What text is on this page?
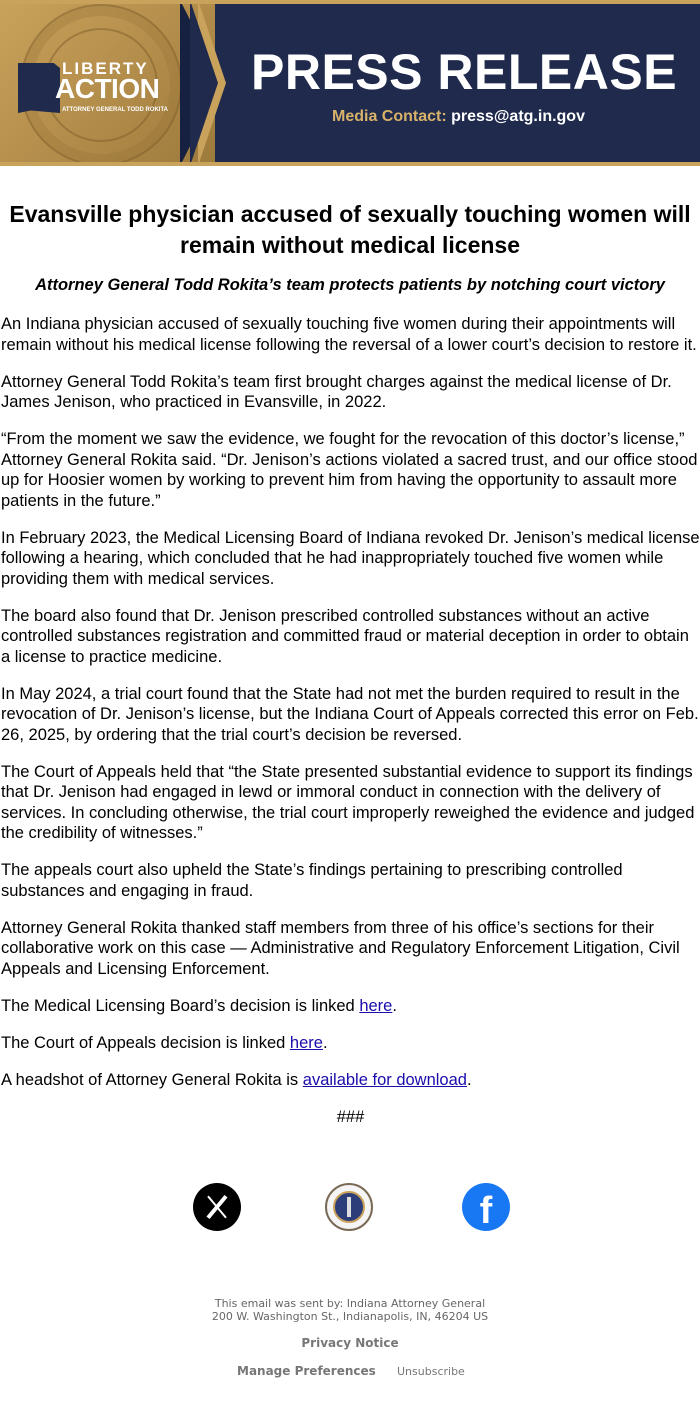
LIBERTY
INACTION
ATTORNEY GENERAL TODD ROKITA
PRESS RELEASE
Media Contact: press@atg.in.gov
Evansville physician accused of sexually touching women will remain without medical license
Attorney General Todd Rokita’s team protects patients by notching court victory

An Indiana physician accused of sexually touching five women during their appointments will remain without his medical license following the reversal of a lower court’s decision to restore it.

Attorney General Todd Rokita’s team first brought charges against the medical license of Dr. James Jenison, who practiced in Evansville, in 2022.

“From the moment we saw the evidence, we fought for the revocation of this doctor’s license,” Attorney General Rokita said. “Dr. Jenison’s actions violated a sacred trust, and our office stood up for Hoosier women by working to prevent him from having the opportunity to assault more patients in the future.”

In February 2023, the Medical Licensing Board of Indiana revoked Dr. Jenison’s medical license following a hearing, which concluded that he had inappropriately touched five women while providing them with medical services.

The board also found that Dr. Jenison prescribed controlled substances without an active controlled substances registration and committed fraud or material deception in order to obtain a license to practice medicine.

In May 2024, a trial court found that the State had not met the burden required to result in the revocation of Dr. Jenison’s license, but the Indiana Court of Appeals corrected this error on Feb. 26, 2025, by ordering that the trial court’s decision be reversed.

The Court of Appeals held that “the State presented substantial evidence to support its findings that Dr. Jenison had engaged in lewd or immoral conduct in connection with the delivery of services. In concluding otherwise, the trial court improperly reweighed the evidence and judged the credibility of witnesses.”

The appeals court also upheld the State’s findings pertaining to prescribing controlled substances and engaging in fraud.

Attorney General Rokita thanked staff members from three of his office’s sections for their collaborative work on this case — Administrative and Regulatory Enforcement Litigation, Civil Appeals and Licensing Enforcement.

The Medical Licensing Board’s decision is linked here.

The Court of Appeals decision is linked here.

A headshot of Attorney General Rokita is available for download.

###
f
This email was sent by: Indiana Attorney General
200 W. Washington St., Indianapolis, IN, 46204 US
Privacy Notice
Manage Preferences Unsubscribe
